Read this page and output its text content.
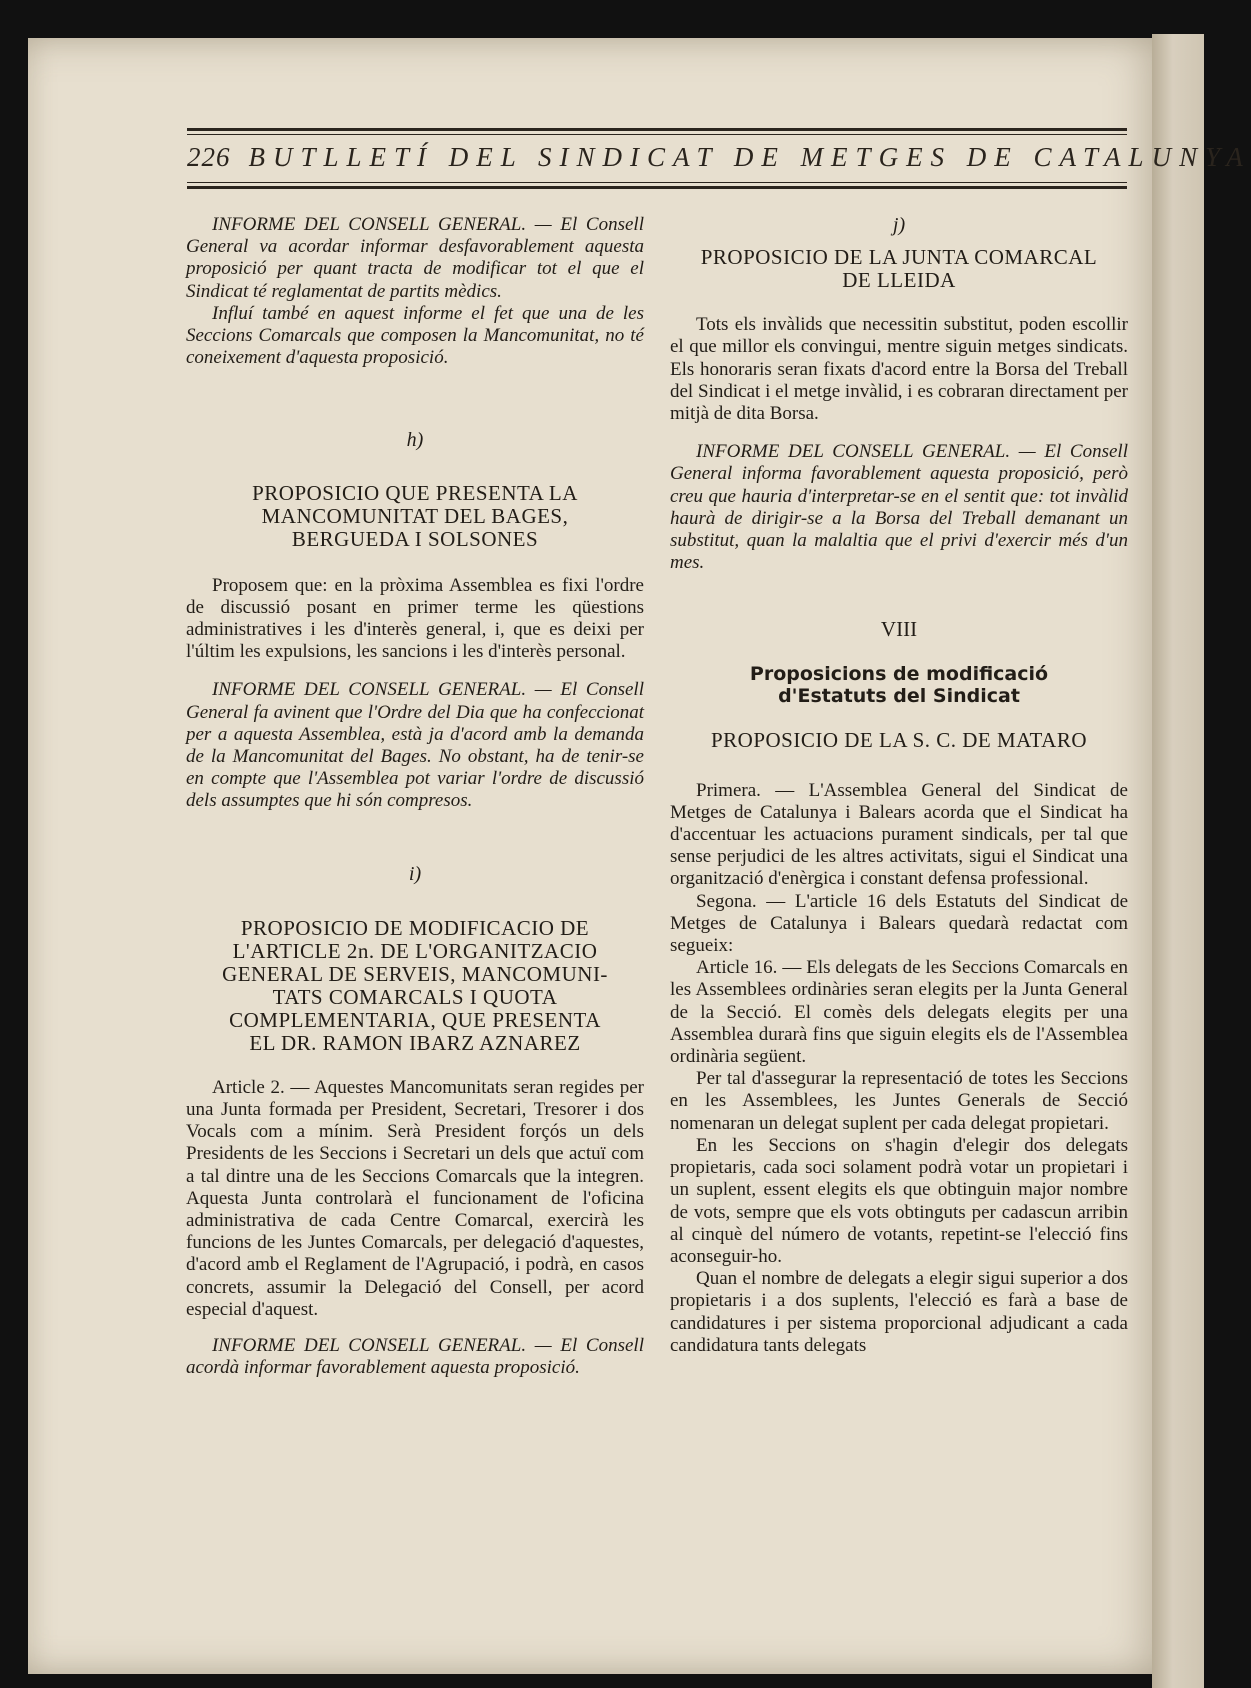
226 BUTLLETÍ DEL SINDICAT DE METGES DE CATALUNYA

INFORME DEL CONSELL GENERAL. — El Consell General va acordar informar desfavorablement aquesta proposició per quant tracta de modificar tot el que el Sindicat té reglamentat de partits mèdics.

Influí també en aquest informe el fet que una de les Seccions Comarcals que composen la Mancomunitat, no té coneixement d'aquesta proposició.

h)
PROPOSICIO QUE PRESENTA LA
MANCOMUNITAT DEL BAGES,
BERGUEDA I SOLSONES

Proposem que: en la pròxima Assemblea es fixi l'ordre de discussió posant en primer terme les qüestions administratives i les d'interès general, i, que es deixi per l'últim les expulsions, les sancions i les d'interès personal.

INFORME DEL CONSELL GENERAL. — El Consell General fa avinent que l'Ordre del Dia que ha confeccionat per a aquesta Assemblea, està ja d'acord amb la demanda de la Mancomunitat del Bages. No obstant, ha de tenir-se en compte que l'Assemblea pot variar l'ordre de discussió dels assumptes que hi són compresos.

i)
PROPOSICIO DE MODIFICACIO DE
L'ARTICLE 2n. DE L'ORGANITZACIO
GENERAL DE SERVEIS, MANCOMUNI-
TATS COMARCALS I QUOTA
COMPLEMENTARIA, QUE PRESENTA
EL DR. RAMON IBARZ AZNAREZ

Article 2. — Aquestes Mancomunitats seran regides per una Junta formada per President, Secretari, Tresorer i dos Vocals com a mínim. Serà President forçós un dels Presidents de les Seccions i Secretari un dels que actuï com a tal dintre una de les Seccions Comarcals que la integren. Aquesta Junta controlarà el funcionament de l'oficina administrativa de cada Centre Comarcal, exercirà les funcions de les Juntes Comarcals, per delegació d'aquestes, d'acord amb el Reglament de l'Agrupació, i podrà, en casos concrets, assumir la Delegació del Consell, per acord especial d'aquest.

INFORME DEL CONSELL GENERAL. — El Consell acordà informar favorablement aquesta proposició.

j)
PROPOSICIO DE LA JUNTA COMARCAL
DE LLEIDA

Tots els invàlids que necessitin substitut, poden escollir el que millor els convingui, mentre siguin metges sindicats. Els honoraris seran fixats d'acord entre la Borsa del Treball del Sindicat i el metge invàlid, i es cobraran directament per mitjà de dita Borsa.

INFORME DEL CONSELL GENERAL. — El Consell General informa favorablement aquesta proposició, però creu que hauria d'interpretar-se en el sentit que: tot invàlid haurà de dirigir-se a la Borsa del Treball demanant un substitut, quan la malaltia que el privi d'exercir més d'un mes.

VIII
Proposicions de modificació
d'Estatuts del Sindicat
PROPOSICIO DE LA S. C. DE MATARO

Primera. — L'Assemblea General del Sindicat de Metges de Catalunya i Balears acorda que el Sindicat ha d'accentuar les actuacions purament sindicals, per tal que sense perjudici de les altres activitats, sigui el Sindicat una organització d'enèrgica i constant defensa professional.

Segona. — L'article 16 dels Estatuts del Sindicat de Metges de Catalunya i Balears quedarà redactat com segueix:

Article 16. — Els delegats de les Seccions Comarcals en les Assemblees ordinàries seran elegits per la Junta General de la Secció. El comès dels delegats elegits per una Assemblea durarà fins que siguin elegits els de l'Assemblea ordinària següent.

Per tal d'assegurar la representació de totes les Seccions en les Assemblees, les Juntes Generals de Secció nomenaran un delegat suplent per cada delegat propietari.

En les Seccions on s'hagin d'elegir dos delegats propietaris, cada soci solament podrà votar un propietari i un suplent, essent elegits els que obtinguin major nombre de vots, sempre que els vots obtinguts per cadascun arribin al cinquè del número de votants, repetint-se l'elecció fins aconseguir-ho.

Quan el nombre de delegats a elegir sigui superior a dos propietaris i a dos suplents, l'elecció es farà a base de candidatures i per sistema proporcional adjudicant a cada candidatura tants delegats
